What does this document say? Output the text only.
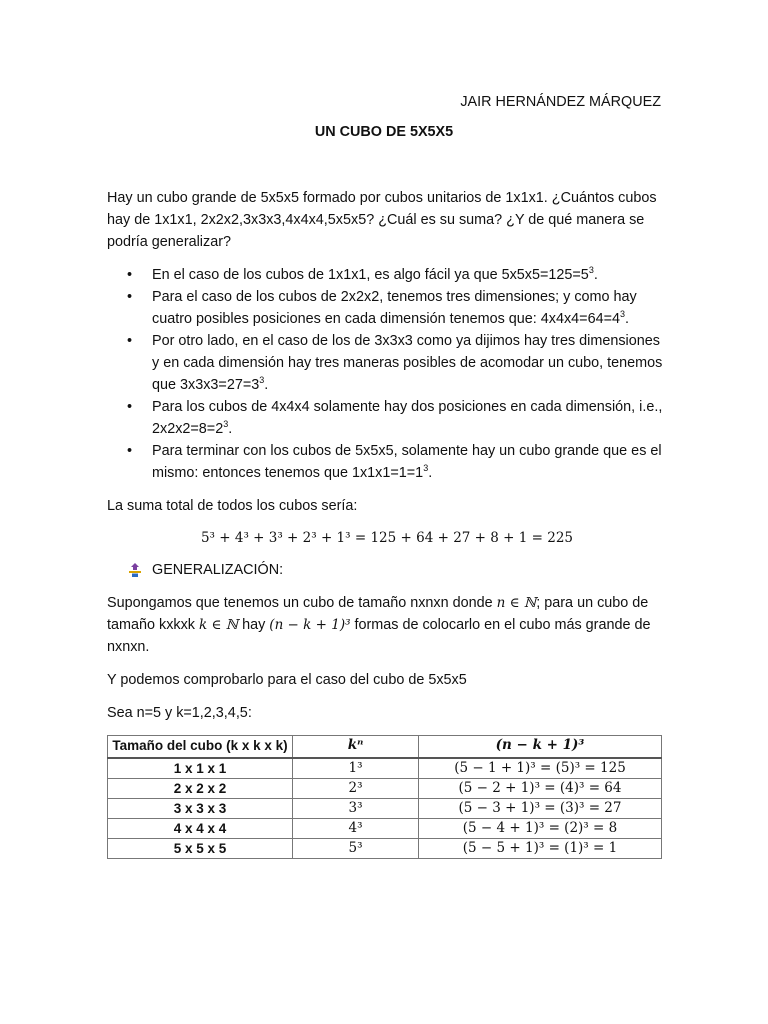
JAIR HERNÁNDEZ MÁRQUEZ
UN CUBO DE 5X5X5

Hay un cubo grande de 5x5x5 formado por cubos unitarios de 1x1x1. ¿Cuántos cubos hay de 1x1x1, 2x2x2,3x3x3,4x4x4,5x5x5? ¿Cuál es su suma? ¿Y de qué manera se podría generalizar?

• En el caso de los cubos de 1x1x1, es algo fácil ya que $5x5x5=125=5^3$.
• Para el caso de los cubos de 2x2x2, tenemos tres dimensiones; y como hay cuatro posibles posiciones en cada dimensión tenemos que: $4x4x4=64=4^3$.
• Por otro lado, en el caso de los de 3x3x3 como ya dijimos hay tres dimensiones y en cada dimensión hay tres maneras posibles de acomodar un cubo, tenemos que $3x3x3=27=3^3$.
• Para los cubos de 4x4x4 solamente hay dos posiciones en cada dimensión, i.e., $2x2x2=8=2^3$.
• Para terminar con los cubos de 5x5x5, solamente hay un cubo grande que es el mismo: entonces tenemos que $1x1x1=1=1^3$.

La suma total de todos los cubos sería:

5³ + 4³ + 3³ + 2³ + 1³ = 125 + 64 + 27 + 8 + 1 = 225
GENERALIZACIÓN:

Supongamos que tenemos un cubo de tamaño nxnxn donde n ∈ ℕ; para un cubo de tamaño kxkxk k ∈ ℕ hay (n − k + 1)³ formas de colocarlo en el cubo más grande de nxnxn.

Y podemos comprobarlo para el caso del cubo de 5x5x5

Sea n=5 y k=1,2,3,4,5:

Tamaño del cubo (k x k x k)	kⁿ	(n − k + 1)³
1 x 1 x 1	1³	(5 − 1 + 1)³ = (5)³ = 125
2 x 2 x 2	2³	(5 − 2 + 1)³ = (4)³ = 64
3 x 3 x 3	3³	(5 − 3 + 1)³ = (3)³ = 27
4 x 4 x 4	4³	(5 − 4 + 1)³ = (2)³ = 8
5 x 5 x 5	5³	(5 − 5 + 1)³ = (1)³ = 1
